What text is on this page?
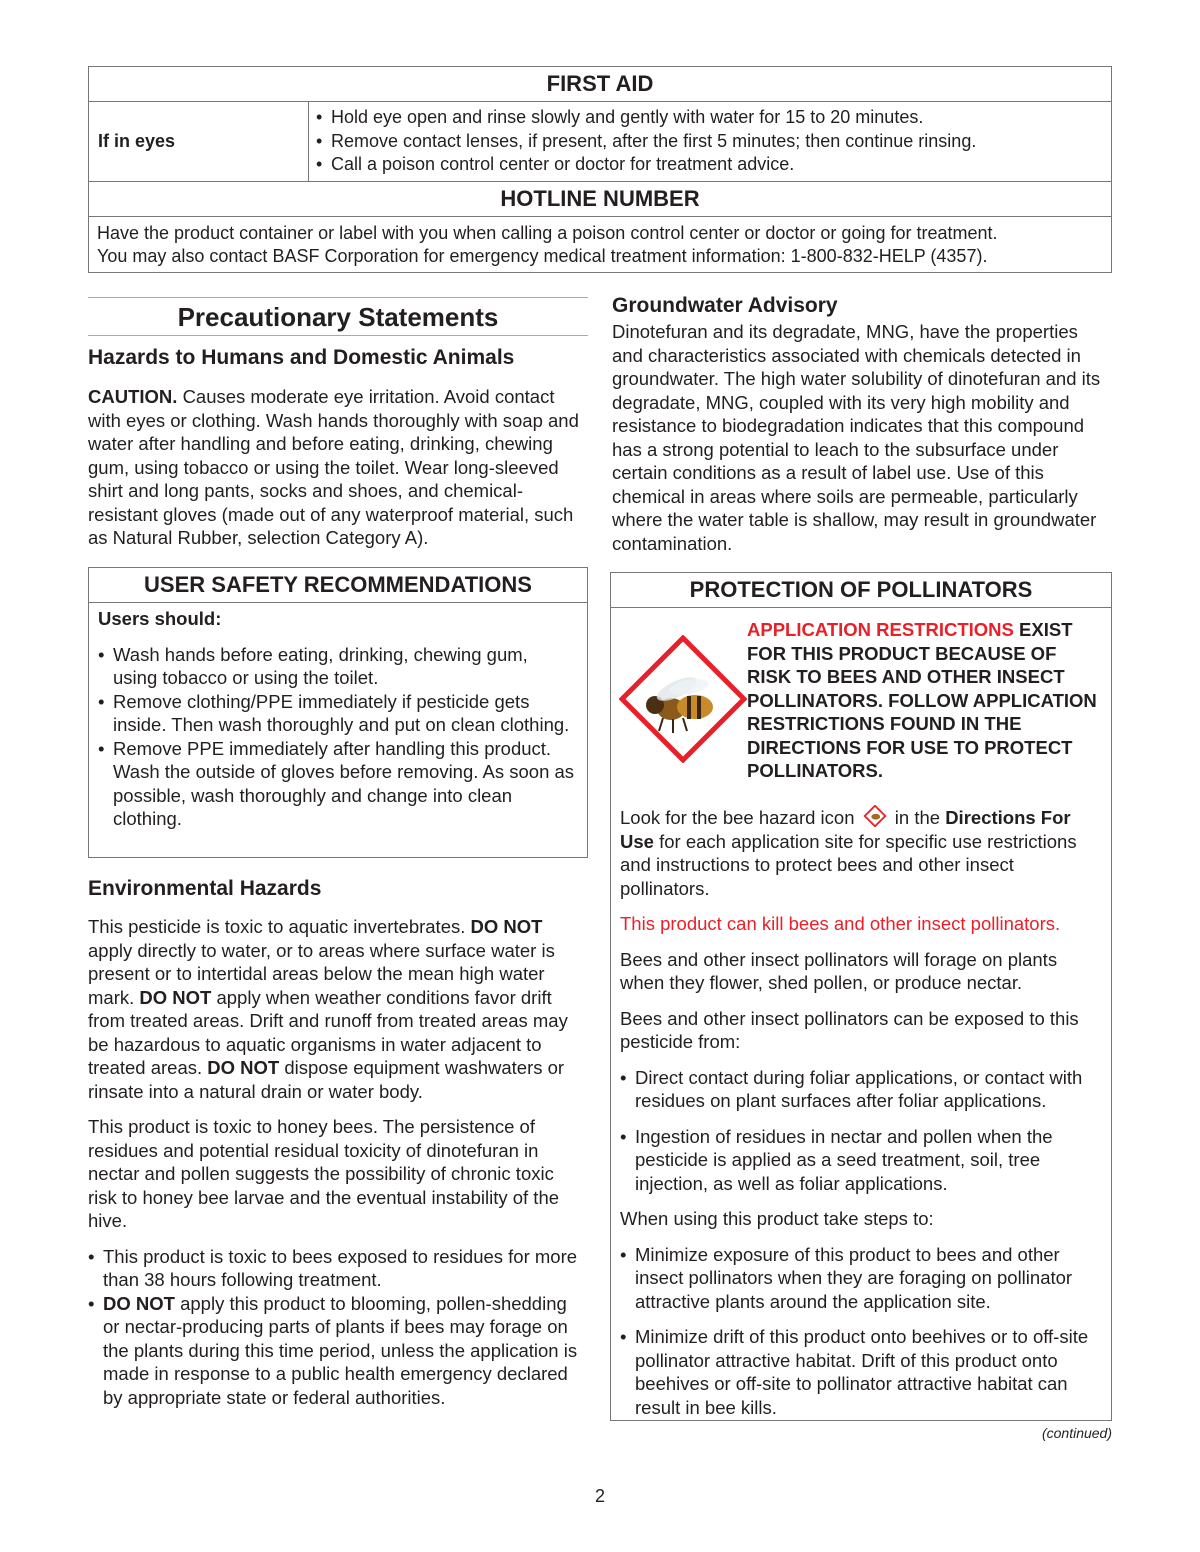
FIRST AID
If in eyes
• Hold eye open and rinse slowly and gently with water for 15 to 20 minutes.
• Remove contact lenses, if present, after the first 5 minutes; then continue rinsing.
• Call a poison control center or doctor for treatment advice.
HOTLINE NUMBER
Have the product container or label with you when calling a poison control center or doctor or going for treatment.
You may also contact BASF Corporation for emergency medical treatment information: 1-800-832-HELP (4357).
Precautionary Statements
Hazards to Humans and Domestic Animals
CAUTION. Causes moderate eye irritation. Avoid contact with eyes or clothing. Wash hands thoroughly with soap and water after handling and before eating, drinking, chewing gum, using tobacco or using the toilet. Wear long-sleeved shirt and long pants, socks and shoes, and chemical-resistant gloves (made out of any waterproof material, such as Natural Rubber, selection Category A).
USER SAFETY RECOMMENDATIONS
Users should:
• Wash hands before eating, drinking, chewing gum, using tobacco or using the toilet.
• Remove clothing/PPE immediately if pesticide gets inside. Then wash thoroughly and put on clean clothing.
• Remove PPE immediately after handling this product. Wash the outside of gloves before removing. As soon as possible, wash thoroughly and change into clean clothing.
Environmental Hazards
This pesticide is toxic to aquatic invertebrates. DO NOT apply directly to water, or to areas where surface water is present or to intertidal areas below the mean high water mark. DO NOT apply when weather conditions favor drift from treated areas. Drift and runoff from treated areas may be hazardous to aquatic organisms in water adjacent to treated areas. DO NOT dispose equipment washwaters or rinsate into a natural drain or water body.
This product is toxic to honey bees. The persistence of residues and potential residual toxicity of dinotefuran in nectar and pollen suggests the possibility of chronic toxic risk to honey bee larvae and the eventual instability of the hive.
• This product is toxic to bees exposed to residues for more than 38 hours following treatment.
• DO NOT apply this product to blooming, pollen-shedding or nectar-producing parts of plants if bees may forage on the plants during this time period, unless the application is made in response to a public health emergency declared by appropriate state or federal authorities.
Groundwater Advisory
Dinotefuran and its degradate, MNG, have the properties and characteristics associated with chemicals detected in groundwater. The high water solubility of dinotefuran and its degradate, MNG, coupled with its very high mobility and resistance to biodegradation indicates that this compound has a strong potential to leach to the subsurface under certain conditions as a result of label use. Use of this chemical in areas where soils are permeable, particularly where the water table is shallow, may result in groundwater contamination.
PROTECTION OF POLLINATORS
APPLICATION RESTRICTIONS EXIST FOR THIS PRODUCT BECAUSE OF RISK TO BEES AND OTHER INSECT POLLINATORS. FOLLOW APPLICATION RESTRICTIONS FOUND IN THE DIRECTIONS FOR USE TO PROTECT POLLINATORS.
Look for the bee hazard icon in the Directions For Use for each application site for specific use restrictions and instructions to protect bees and other insect pollinators.
This product can kill bees and other insect pollinators.
Bees and other insect pollinators will forage on plants when they flower, shed pollen, or produce nectar.
Bees and other insect pollinators can be exposed to this pesticide from:
• Direct contact during foliar applications, or contact with residues on plant surfaces after foliar applications.
• Ingestion of residues in nectar and pollen when the pesticide is applied as a seed treatment, soil, tree injection, as well as foliar applications.
When using this product take steps to:
• Minimize exposure of this product to bees and other insect pollinators when they are foraging on pollinator attractive plants around the application site.
• Minimize drift of this product onto beehives or to off-site pollinator attractive habitat. Drift of this product onto beehives or off-site to pollinator attractive habitat can result in bee kills.
(continued)
2
